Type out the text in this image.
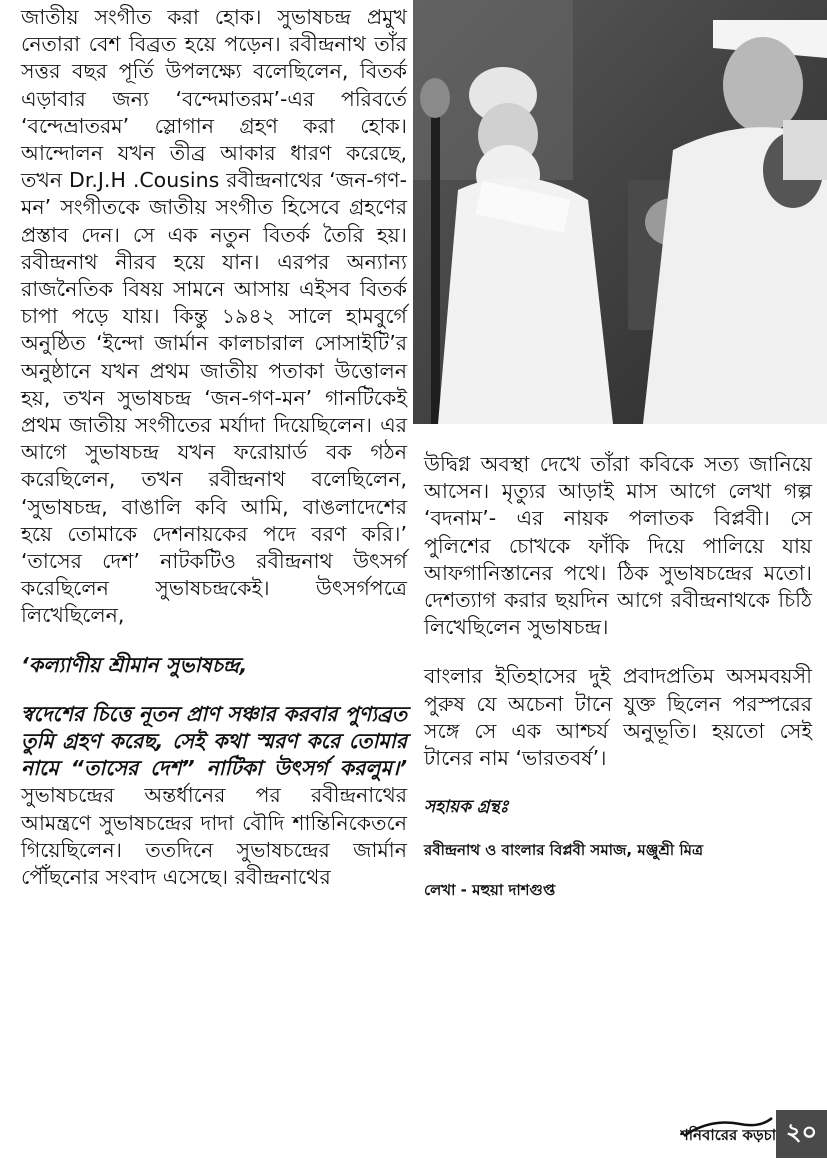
জাতীয় সংগীত করা হোক। সুভাষচন্দ্র প্রমুখ নেতারা বেশ বিব্রত হয়ে পড়েন। রবীন্দ্রনাথ তাঁর সত্তর বছর পূর্তি উপলক্ষ্যে বলেছিলেন, বিতর্ক এড়াবার জন্য ‘বন্দেমাতরম’-এর পরিবর্তে ‘বন্দেভ্রাতরম’ স্লোগান গ্রহণ করা হোক। আন্দোলন যখন তীব্র আকার ধারণ করেছে, তখন Dr.J.H .Cousins রবীন্দ্রনাথের ‘জন-গণ-মন’ সংগীতকে জাতীয় সংগীত হিসেবে গ্রহণের প্রস্তাব দেন। সে এক নতুন বিতর্ক তৈরি হয়। রবীন্দ্রনাথ নীরব হয়ে যান। এরপর অন্যান্য রাজনৈতিক বিষয় সামনে আসায় এইসব বিতর্ক চাপা পড়ে যায়। কিন্তু ১৯৪২ সালে হামবুর্গে অনুষ্ঠিত ‘ইন্দো জার্মান কালচারাল সোসাইটি’র অনুষ্ঠানে যখন প্রথম জাতীয় পতাকা উত্তোলন হয়, তখন সুভাষচন্দ্র ‘জন-গণ-মন’ গানটিকেই প্রথম জাতীয় সংগীতের মর্যাদা দিয়েছিলেন। এর আগে সুভাষচন্দ্র যখন ফরোয়ার্ড বক গঠন করেছিলেন, তখন রবীন্দ্রনাথ বলেছিলেন, ‘সুভাষচন্দ্র, বাঙালি কবি আমি, বাঙলাদেশের হয়ে তোমাকে দেশনায়কের পদে বরণ করি।’ ‘তাসের দেশ’ নাটকটিও রবীন্দ্রনাথ উৎসর্গ করেছিলেন সুভাষচন্দ্রকেই। উৎসর্গপত্রে লিখেছিলেন,

‘কল্যাণীয় শ্রীমান সুভাষচন্দ্র,

স্বদেশের চিত্তে নূতন প্রাণ সঞ্চার করবার পুণ্যব্রত তুমি গ্রহণ করেছ, সেই কথা স্মরণ করে তোমার নামে “তাসের দেশ” নাটিকা উৎসর্গ করলুম।’ সুভাষচন্দ্রের অন্তর্ধানের পর রবীন্দ্রনাথের আমন্ত্রণে সুভাষচন্দ্রের দাদা বৌদি শান্তিনিকেতনে গিয়েছিলেন। ততদিনে সুভাষচন্দ্রের জার্মান পৌঁছনোর সংবাদ এসেছে। রবীন্দ্রনাথের

উদ্বিগ্ন অবস্থা দেখে তাঁরা কবিকে সত্য জানিয়ে আসেন। মৃত্যুর আড়াই মাস আগে লেখা গল্প ‘বদনাম’- এর নায়ক পলাতক বিপ্লবী। সে পুলিশের চোখকে ফাঁকি দিয়ে পালিয়ে যায় আফগানিস্তানের পথে। ঠিক সুভাষচন্দ্রের মতো। দেশত্যাগ করার ছয়দিন আগে রবীন্দ্রনাথকে চিঠি লিখেছিলেন সুভাষচন্দ্র।

বাংলার ইতিহাসের দুই প্রবাদপ্রতিম অসমবয়সী পুরুষ যে অচেনা টানে যুক্ত ছিলেন পরস্পরের সঙ্গে সে এক আশ্চর্য অনুভূতি। হয়তো সেই টানের নাম ‘ভারতবর্ষ’।

সহায়ক গ্রন্থঃ

রবীন্দ্রনাথ ও বাংলার বিপ্লবী সমাজ, মঞ্জুশ্রী মিত্র

লেখা - মহুয়া দাশগুপ্ত

শনিবারের কড়চা ২০
